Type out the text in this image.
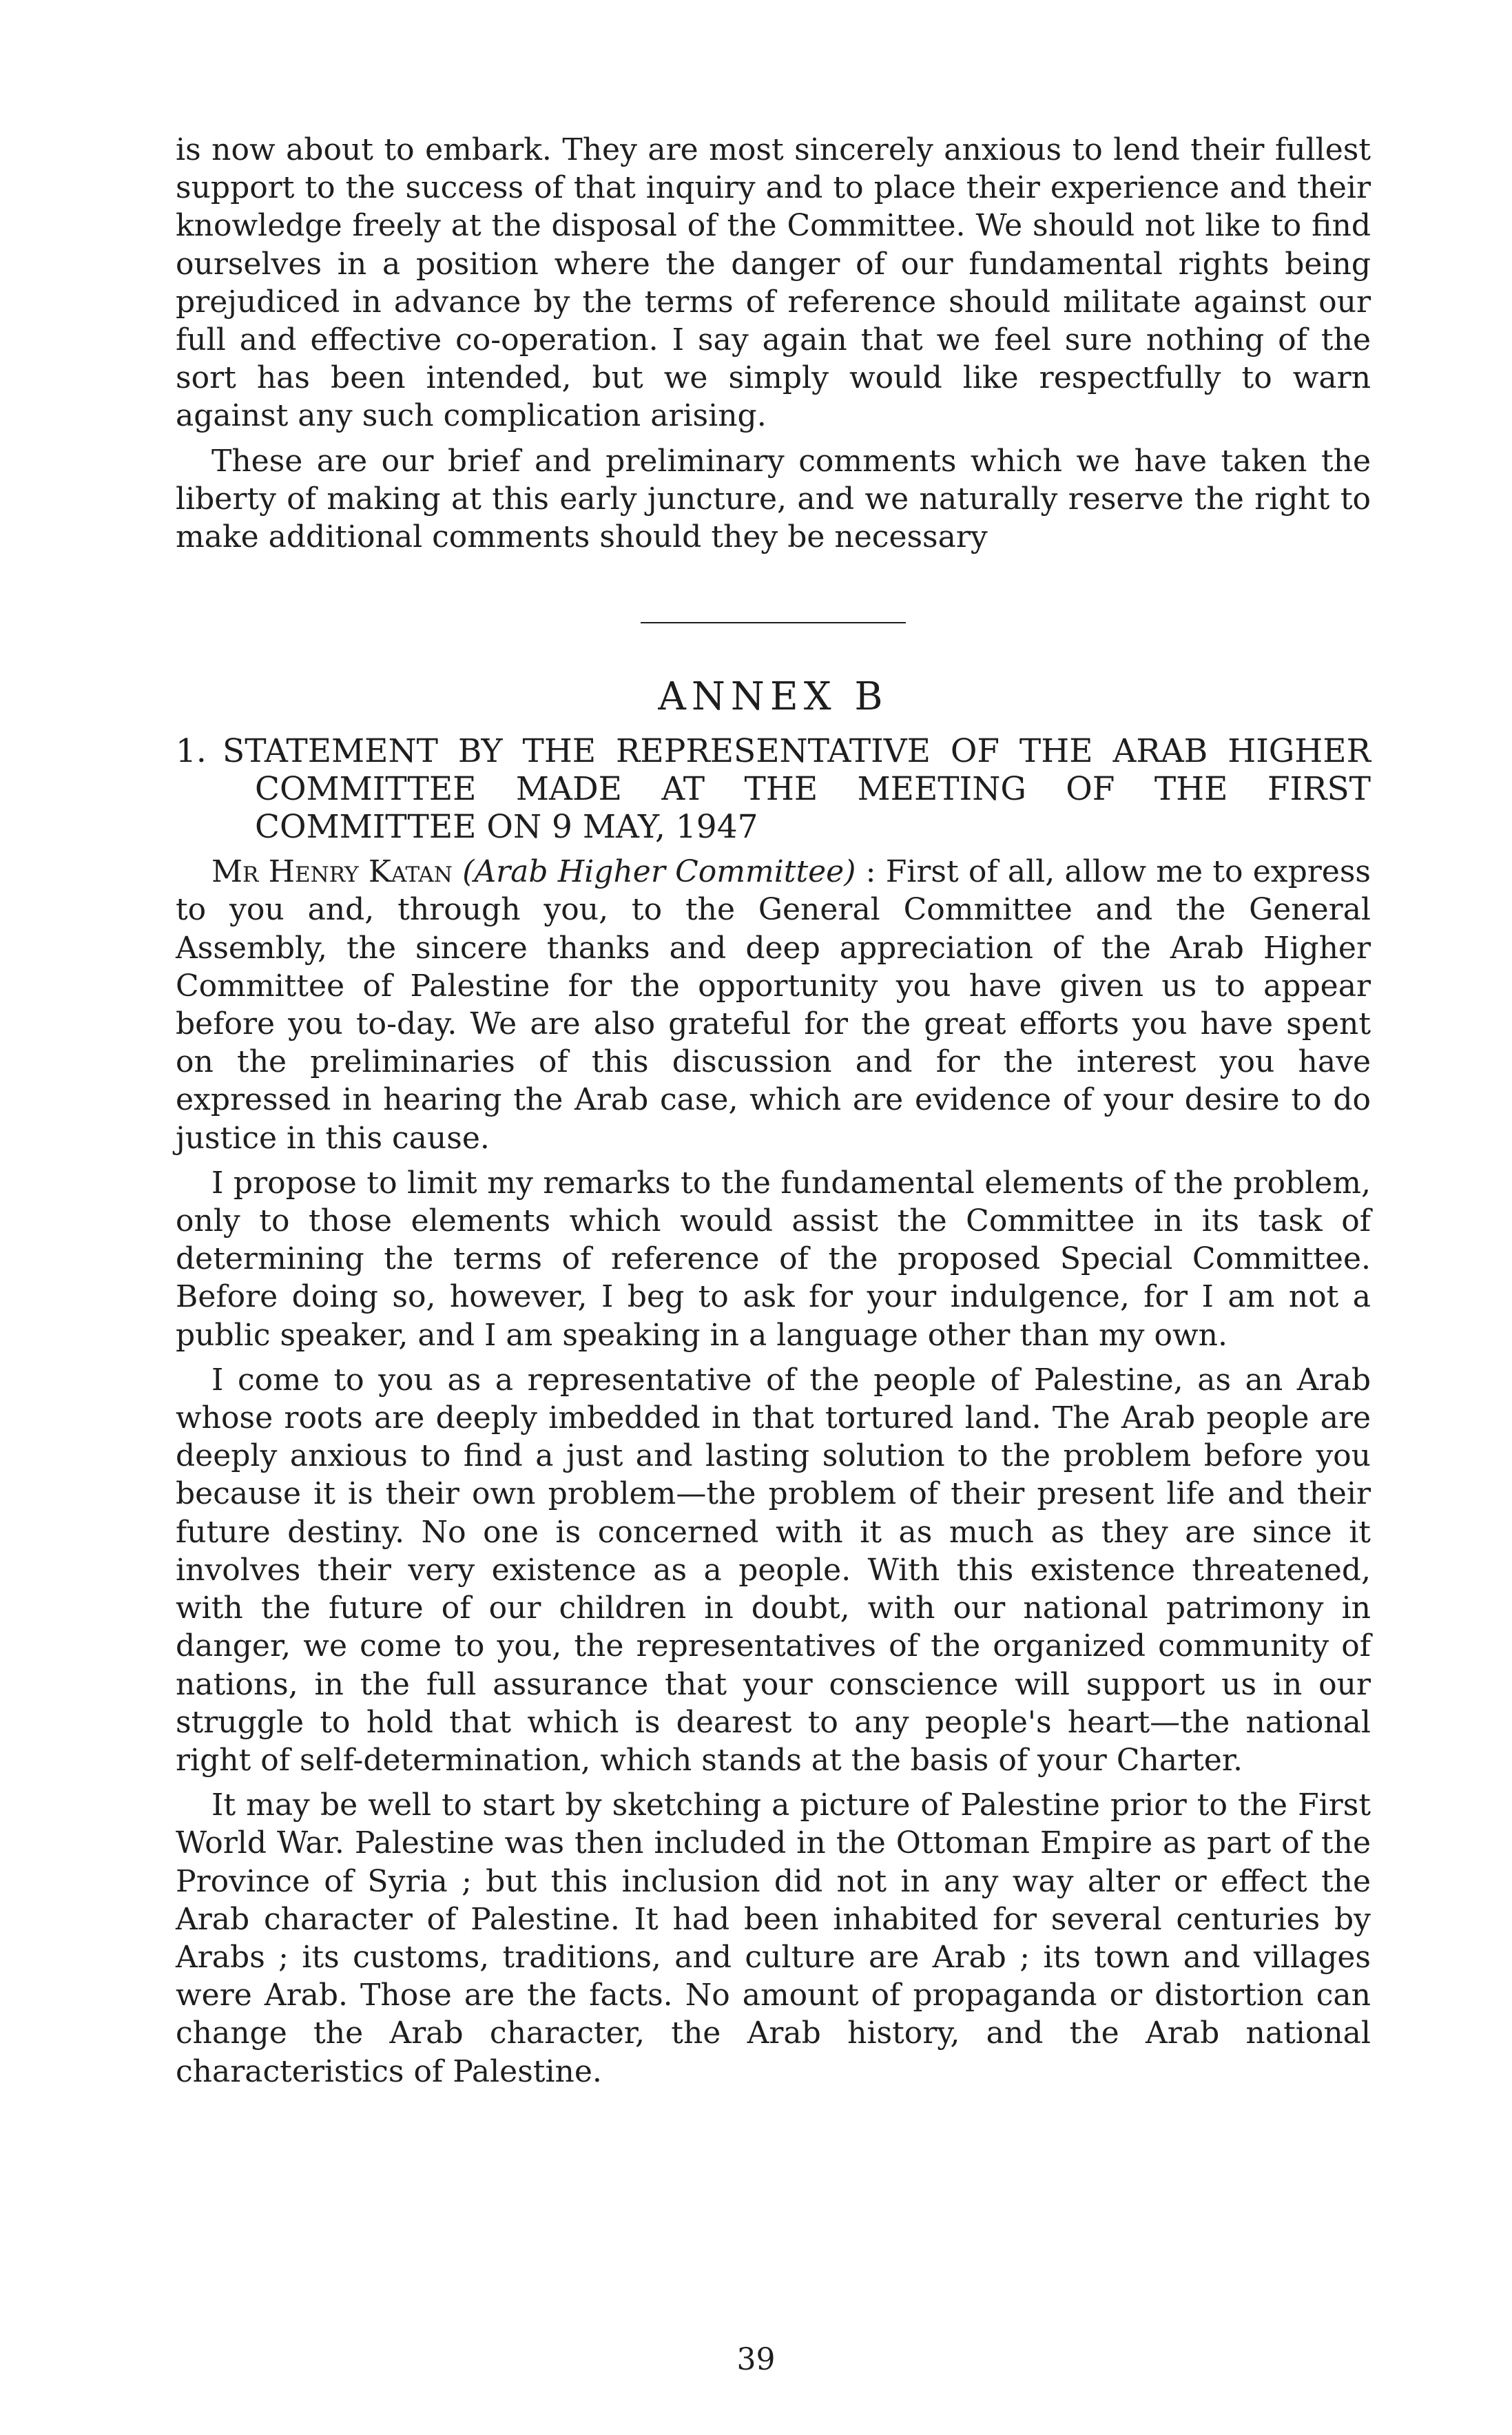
is now about to embark. They are most sincerely anxious to lend their fullest support to the success of that inquiry and to place their experience and their knowledge freely at the disposal of the Committee. We should not like to find ourselves in a position where the danger of our fundamental rights being prejudiced in advance by the terms of reference should militate against our full and effective co-operation. I say again that we feel sure nothing of the sort has been intended, but we simply would like respectfully to warn against any such complication arising.

These are our brief and preliminary comments which we have taken the liberty of making at this early juncture, and we naturally reserve the right to make additional comments should they be necessary

ANNEX B
1. STATEMENT BY THE REPRESENTATIVE OF THE ARAB HIGHER COMMITTEE MADE AT THE MEETING OF THE FIRST COMMITTEE ON 9 MAY, 1947

Mr Henry Katan (Arab Higher Committee) : First of all, allow me to express to you and, through you, to the General Committee and the General Assembly, the sincere thanks and deep appreciation of the Arab Higher Committee of Palestine for the opportunity you have given us to appear before you to-day. We are also grateful for the great efforts you have spent on the preliminaries of this discussion and for the interest you have expressed in hearing the Arab case, which are evidence of your desire to do justice in this cause.

I propose to limit my remarks to the fundamental elements of the problem, only to those elements which would assist the Committee in its task of determining the terms of reference of the proposed Special Committee. Before doing so, however, I beg to ask for your indulgence, for I am not a public speaker, and I am speaking in a language other than my own.

I come to you as a representative of the people of Palestine, as an Arab whose roots are deeply imbedded in that tortured land. The Arab people are deeply anxious to find a just and lasting solution to the problem before you because it is their own problem—the problem of their present life and their future destiny. No one is concerned with it as much as they are since it involves their very existence as a people. With this existence threatened, with the future of our children in doubt, with our national patrimony in danger, we come to you, the representatives of the organized community of nations, in the full assurance that your conscience will support us in our struggle to hold that which is dearest to any people's heart—the national right of self-determination, which stands at the basis of your Charter.

It may be well to start by sketching a picture of Palestine prior to the First World War. Palestine was then included in the Ottoman Empire as part of the Province of Syria ; but this inclusion did not in any way alter or effect the Arab character of Palestine. It had been inhabited for several centuries by Arabs ; its customs, traditions, and culture are Arab ; its town and villages were Arab. Those are the facts. No amount of propaganda or distortion can change the Arab character, the Arab history, and the Arab national characteristics of Palestine.

39
